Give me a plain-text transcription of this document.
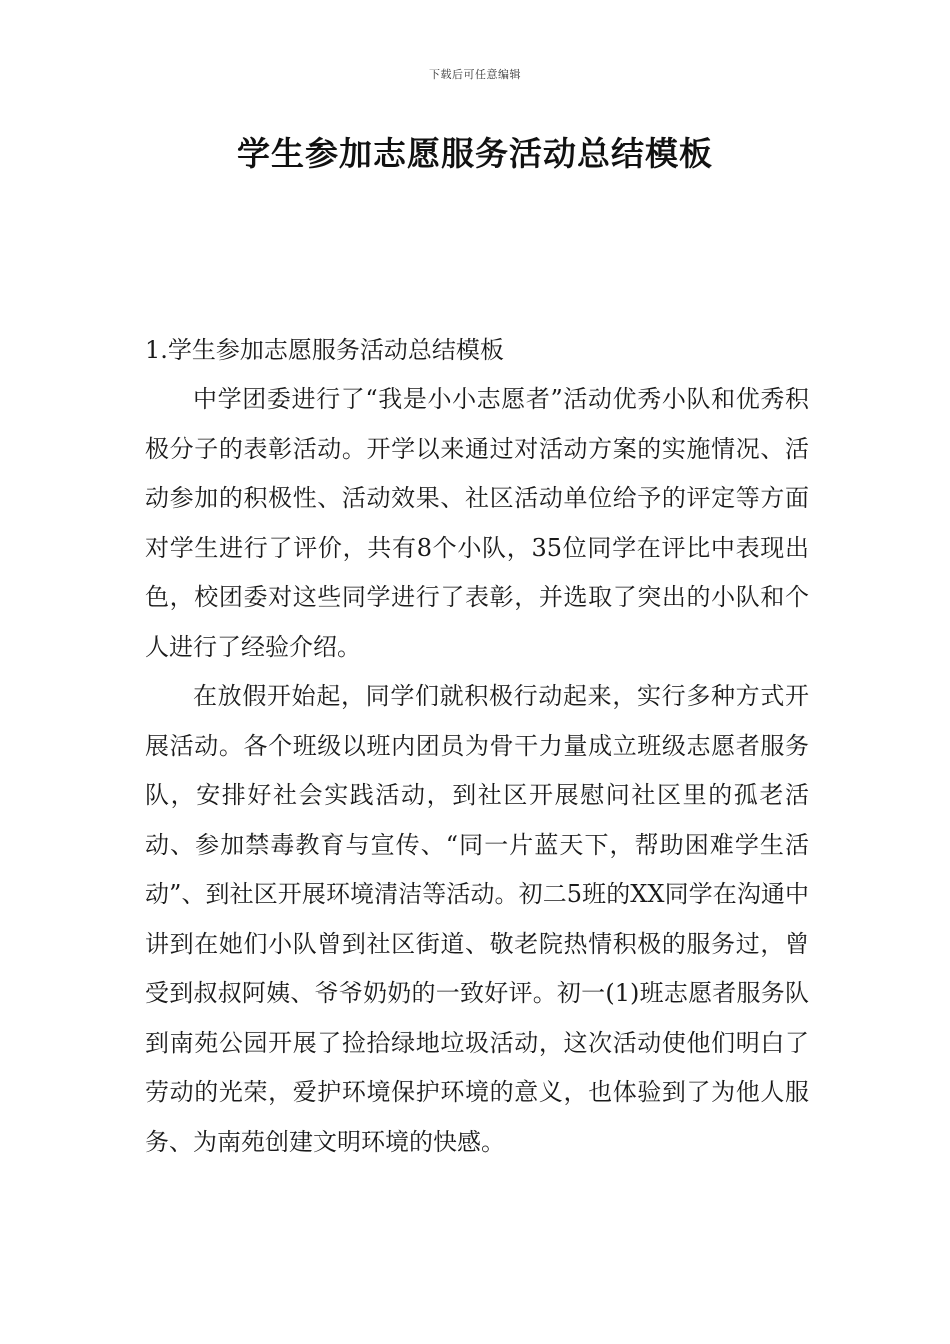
下载后可任意编辑
学生参加志愿服务活动总结模板

1.学生参加志愿服务活动总结模板

中学团委进行了“我是小小志愿者”活动优秀小队和优秀积极分子的表彰活动。开学以来通过对活动方案的实施情况、活动参加的积极性、活动效果、社区活动单位给予的评定等方面对学生进行了评价，共有8个小队，35位同学在评比中表现出色，校团委对这些同学进行了表彰，并选取了突出的小队和个人进行了经验介绍。

在放假开始起，同学们就积极行动起来，实行多种方式开展活动。各个班级以班内团员为骨干力量成立班级志愿者服务队，安排好社会实践活动，到社区开展慰问社区里的孤老活动、参加禁毒教育与宣传、“同一片蓝天下，帮助困难学生活动”、到社区开展环境清洁等活动。初二5班的XX同学在沟通中讲到在她们小队曾到社区街道、敬老院热情积极的服务过，曾受到叔叔阿姨、爷爷奶奶的一致好评。初一(1)班志愿者服务队到南苑公园开展了捡拾绿地垃圾活动，这次活动使他们明白了劳动的光荣，爱护环境保护环境的意义，也体验到了为他人服务、为南苑创建文明环境的快感。
